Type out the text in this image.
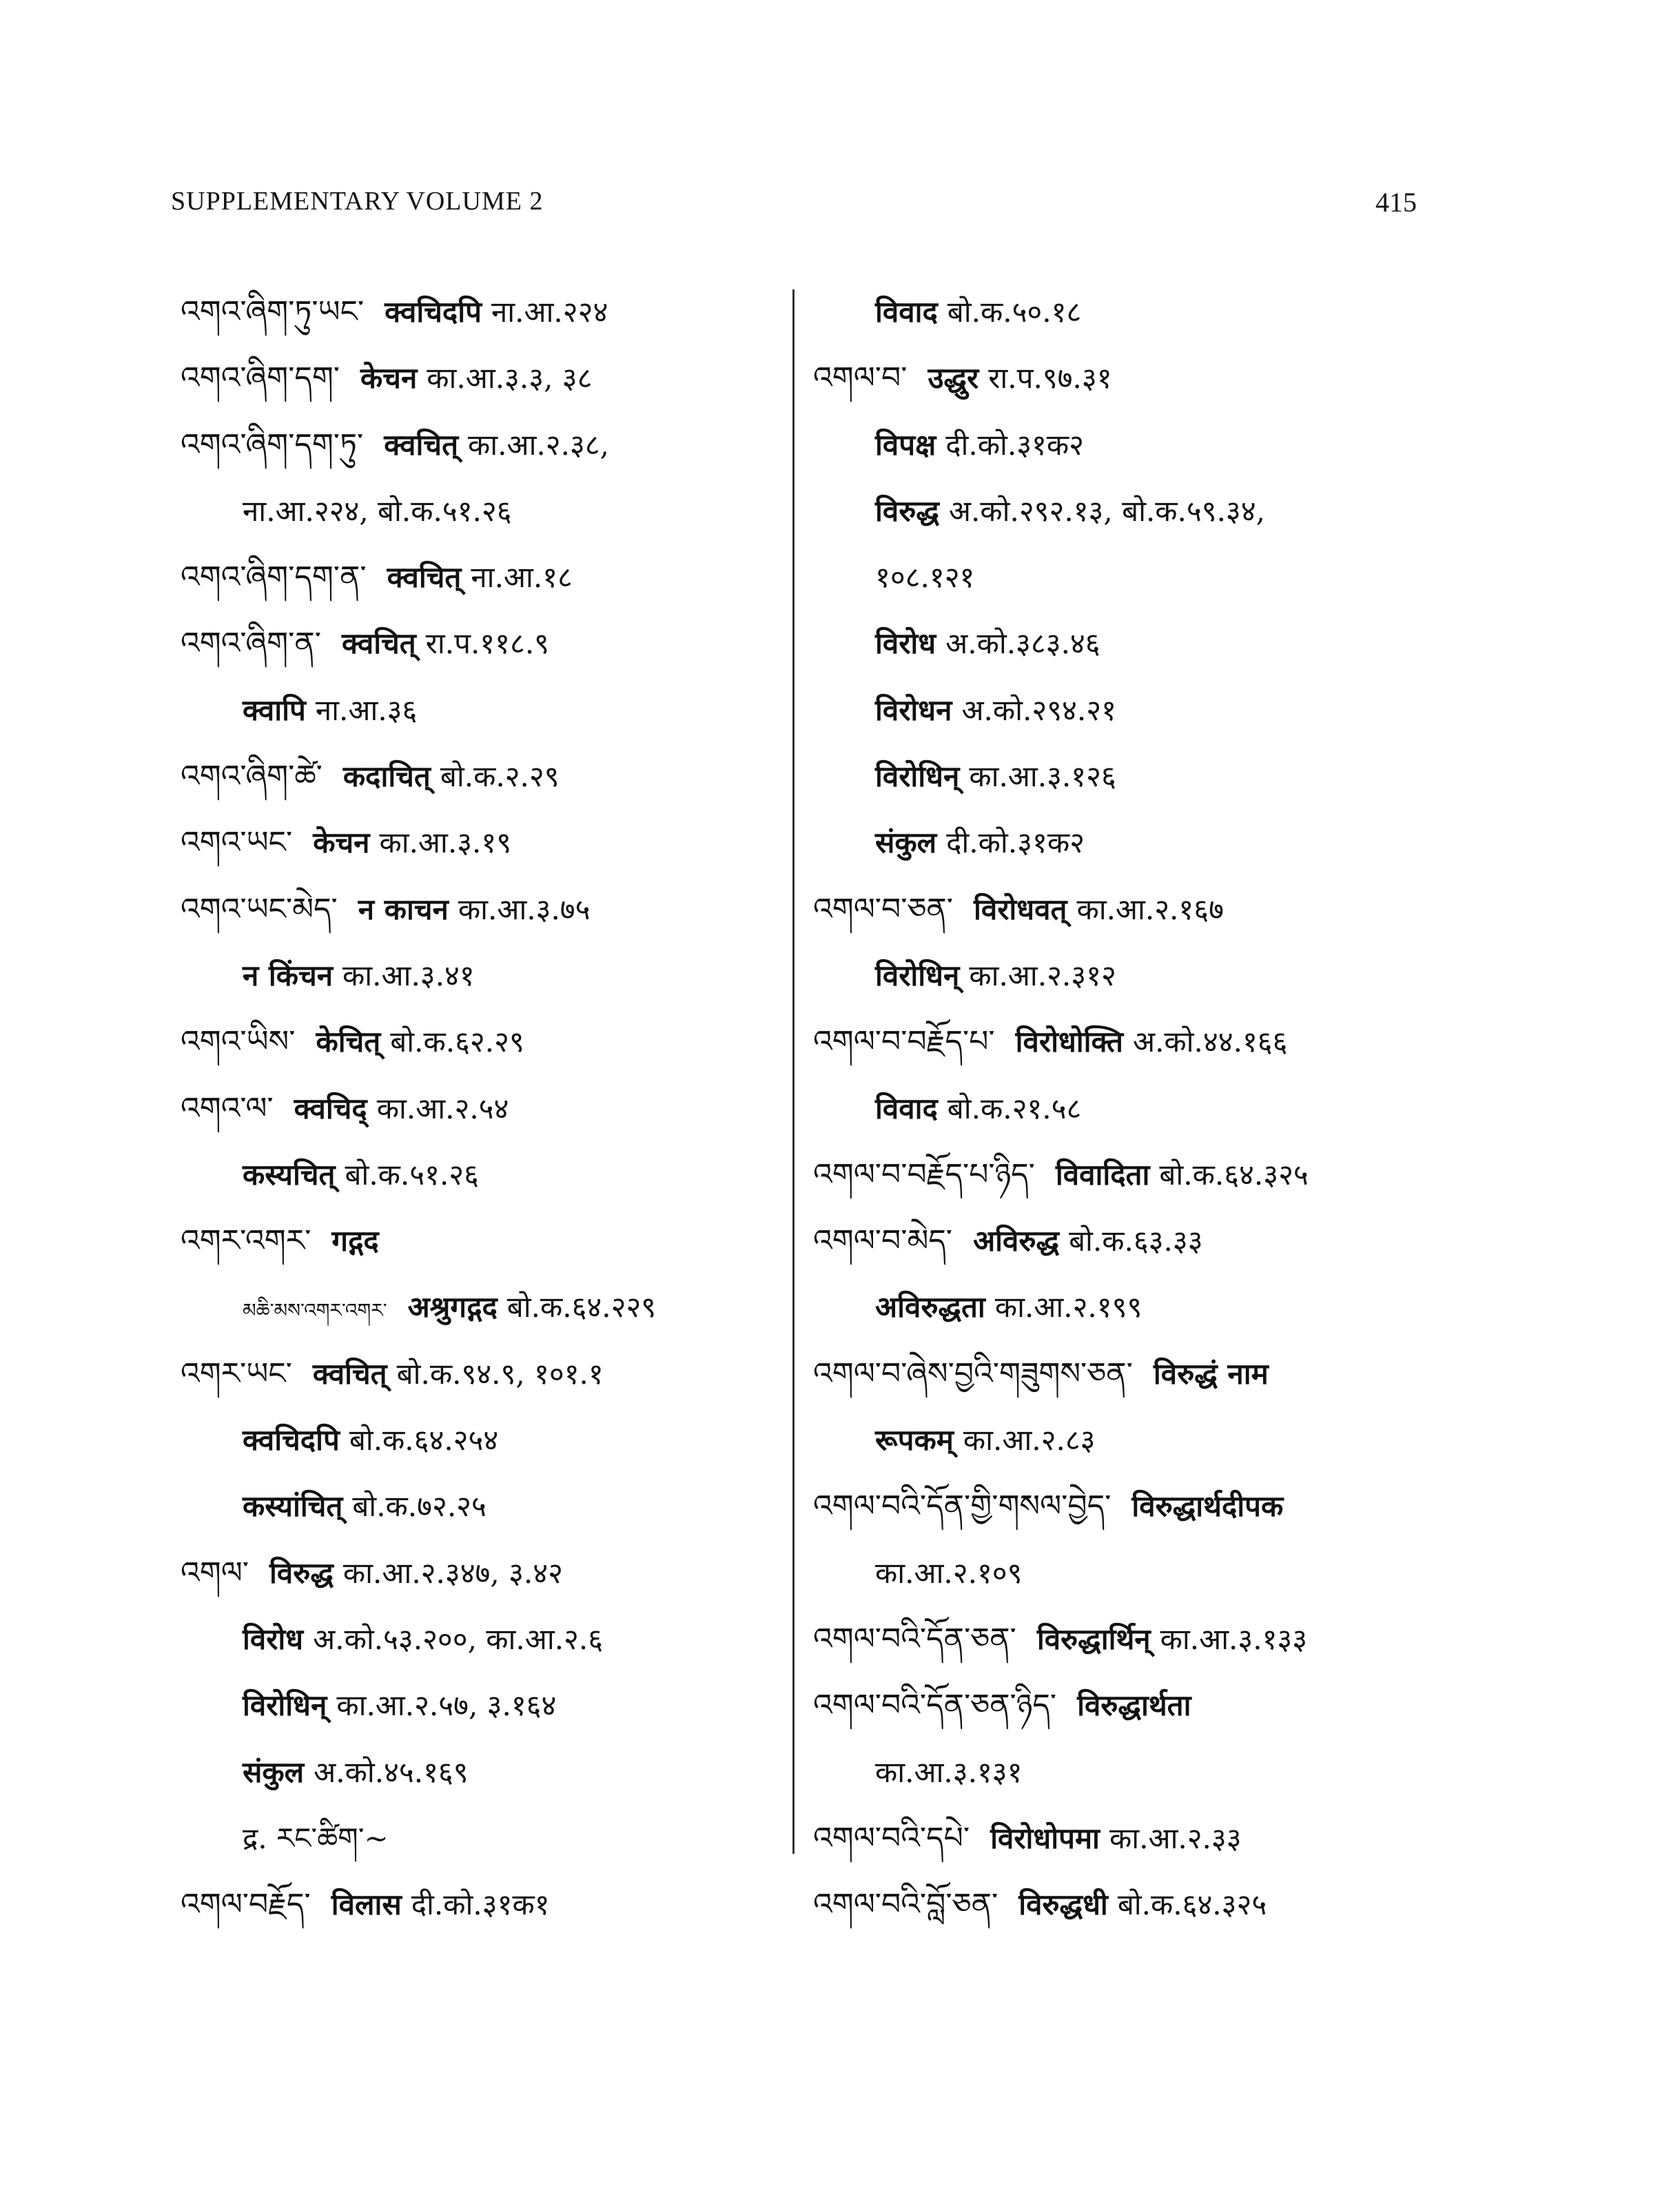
SUPPLEMENTARY VOLUME 2	415
འགའ་ཞིག་ཏུ་ཡང་ क्वचिदपि ना.आ.२२४
འགའ་ཞིག་དག་ केचन का.आ.३.३, ३८
འགའ་ཞིག་དག་ཏུ་ क्वचित् का.आ.२.३८,
ना.आ.२२४, बो.क.५१.२६
འགའ་ཞིག་དག་ན་ क्वचित् ना.आ.१८
འགའ་ཞིག་ན་ क्वचित् रा.प.११८.९
क्वापि ना.आ.३६
འགའ་ཞིག་ཚེ་ कदाचित् बो.क.२.२९
འགའ་ཡང་ केचन का.आ.३.१९
འགའ་ཡང་མེད་ न काचन का.आ.३.७५
न किंचन का.आ.३.४१
འགའ་ཡིས་ केचित् बो.क.६२.२९
འགའ་ལ་ क्वचिद् का.आ.२.५४
कस्यचित् बो.क.५१.२६
འགར་འགར་ गद्गद
མཆི་མས་འགར་འགར་ अश्रुगद्गद बो.क.६४.२२९
འགར་ཡང་ क्वचित् बो.क.९४.९, १०१.१
क्वचिदपि बो.क.६४.२५४
कस्यांचित् बो.क.७२.२५
འགལ་ विरुद्ध का.आ.२.३४७, ३.४२
विरोध अ.को.५३.२००, का.आ.२.६
विरोधिन् का.आ.२.५७, ३.१६४
संकुल अ.को.४५.१६९
द्र. རང་ཚིག་~
འགལ་བརྗོད་ विलास दी.को.३१क१
विवाद बो.क.५०.१८
འགལ་བ་ उद्धुर रा.प.९७.३१
विपक्ष दी.को.३१क२
विरुद्ध अ.को.२९२.१३, बो.क.५९.३४,
१०८.१२१
विरोध अ.को.३८३.४६
विरोधन अ.को.२९४.२१
विरोधिन् का.आ.३.१२६
संकुल दी.को.३१क२
འགལ་བ་ཅན་ विरोधवत् का.आ.२.१६७
विरोधिन् का.आ.२.३१२
འགལ་བ་བརྗོད་པ་ विरोधोक्ति अ.को.४४.१६६
विवाद बो.क.२१.५८
འགལ་བ་བརྗོད་པ་ཉིད་ विवादिता बो.क.६४.३२५
འགལ་བ་མེད་ अविरुद्ध बो.क.६३.३३
अविरुद्धता का.आ.२.१९९
འགལ་བ་ཞེས་བྱའི་གཟུགས་ཅན་ विरुद्धं नाम
रूपकम् का.आ.२.८३
འགལ་བའི་དོན་གྱི་གསལ་བྱེད་ विरुद्धार्थदीपक
का.आ.२.१०९
འགལ་བའི་དོན་ཅན་ विरुद्धार्थिन् का.आ.३.१३३
འགལ་བའི་དོན་ཅན་ཉིད་ विरुद्धार्थता
का.आ.३.१३१
འགལ་བའི་དཔེ་ विरोधोपमा का.आ.२.३३
འགལ་བའི་བློ་ཅན་ विरुद्धधी बो.क.६४.३२५
